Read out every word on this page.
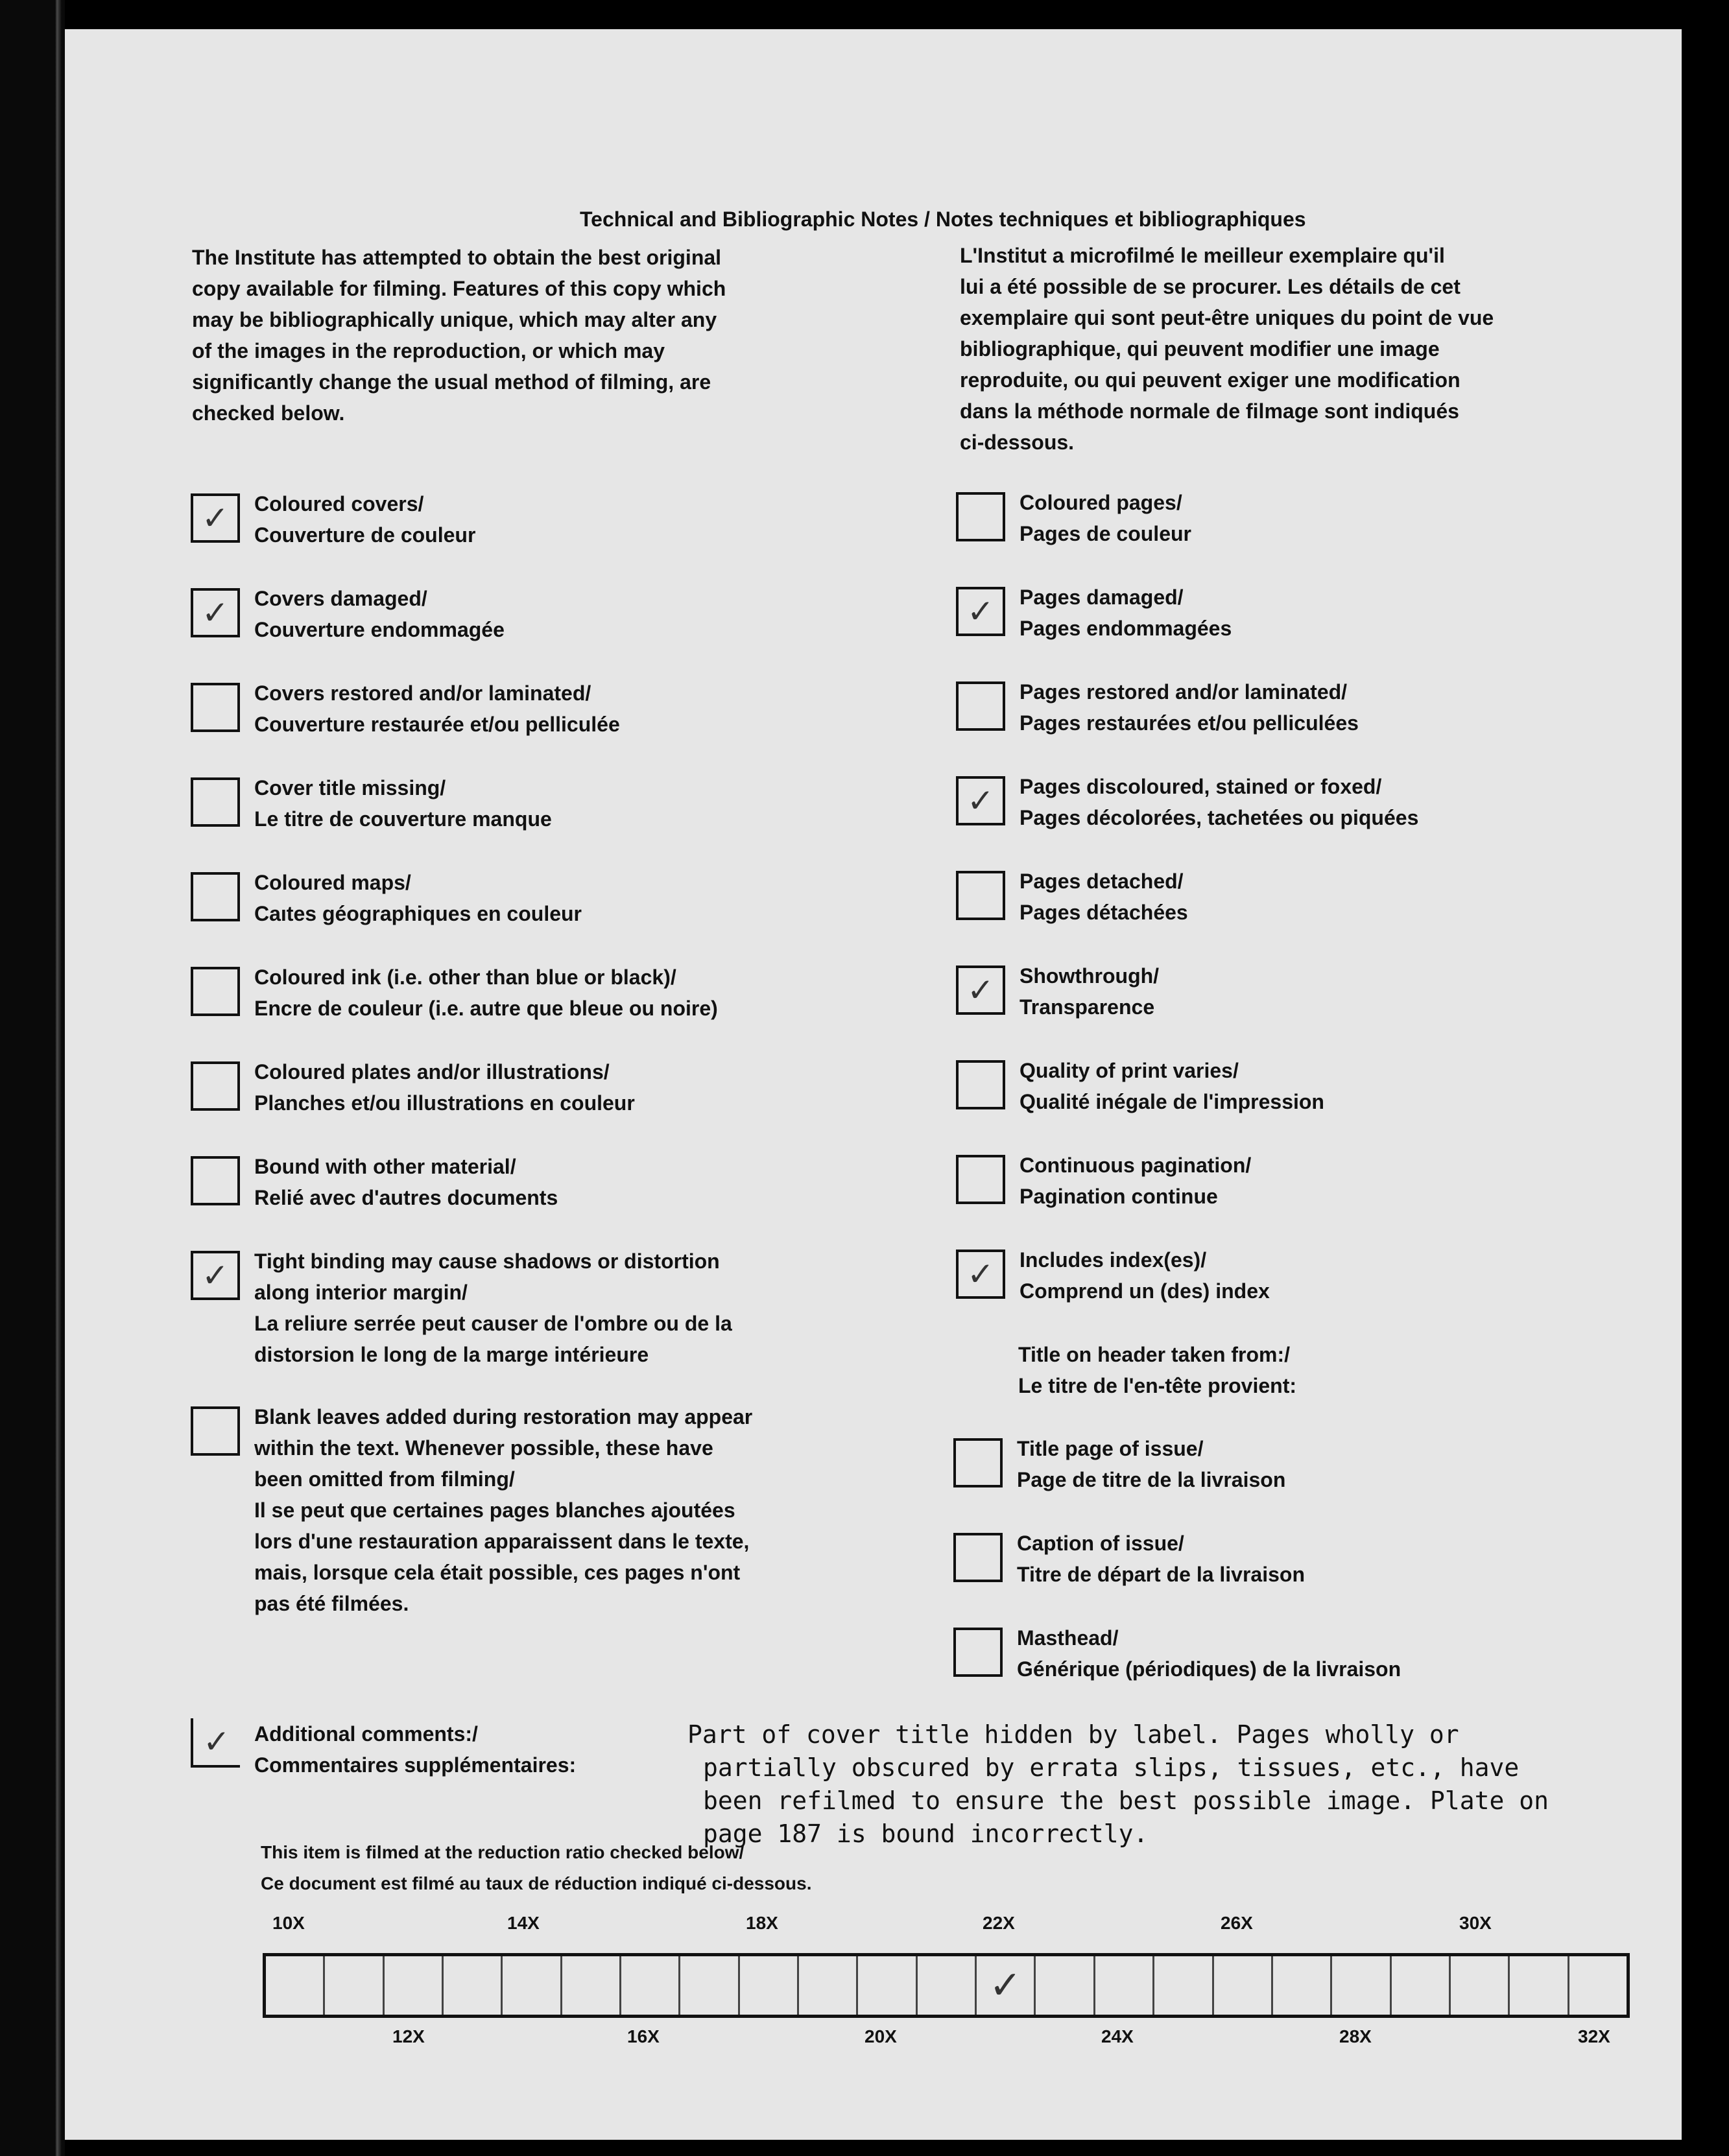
Technical and Bibliographic Notes / Notes techniques et bibliographiques
The Institute has attempted to obtain the best original
copy available for filming. Features of this copy which
may be bibliographically unique, which may alter any
of the images in the reproduction, or which may
significantly change the usual method of filming, are
checked below.
L'Institut a microfilmé le meilleur exemplaire qu'il
lui a été possible de se procurer. Les détails de cet
exemplaire qui sont peut-être uniques du point de vue
bibliographique, qui peuvent modifier une image
reproduite, ou qui peuvent exiger une modification
dans la méthode normale de filmage sont indiqués
ci-dessous.
✓	Coloured covers/
Couverture de couleur
✓	Covers damaged/
Couverture endommagée
Covers restored and/or laminated/
Couverture restaurée et/ou pelliculée
Cover title missing/
Le titre de couverture manque
Coloured maps/
Caıtes géographiques en couleur
Coloured ink (i.e. other than blue or black)/
Encre de couleur (i.e. autre que bleue ou noire)
Coloured plates and/or illustrations/
Planches et/ou illustrations en couleur
Bound with other material/
Relié avec d'autres documents
✓	Tight binding may cause shadows or distortion
along interior margin/
La reliure serrée peut causer de l'ombre ou de la
distorsion le long de la marge intérieure
Blank leaves added during restoration may appear
within the text. Whenever possible, these have
been omitted from filming/
Il se peut que certaines pages blanches ajoutées
lors d'une restauration apparaissent dans le texte,
mais, lorsque cela était possible, ces pages n'ont
pas été filmées.
Coloured pages/
Pages de couleur
✓	Pages damaged/
Pages endommagées
Pages restored and/or laminated/
Pages restaurées et/ou pelliculées
✓	Pages discoloured, stained or foxed/
Pages décolorées, tachetées ou piquées
Pages detached/
Pages détachées
✓	Showthrough/
Transparence
Quality of print varies/
Qualité inégale de l'impression
Continuous pagination/
Pagination continue
✓	Includes index(es)/
Comprend un (des) index
Title on header taken from:/
Le titre de l'en-tête provient:
Title page of issue/
Page de titre de la livraison
Caption of issue/
Titre de départ de la livraison
Masthead/
Générique (périodiques) de la livraison
✓	Additional comments:/
Commentaires supplémentaires:
Part of cover title hidden by label. Pages wholly or
partially obscured by errata slips, tissues, etc., have
been refilmed to ensure the best possible image. Plate on
page 187 is bound incorrectly.
This item is filmed at the reduction ratio checked below/
Ce document est filmé au taux de réduction indiqué ci-dessous.
10X	14X	18X	22X	26X	30X
✓
12X	16X	20X	24X	28X	32X
